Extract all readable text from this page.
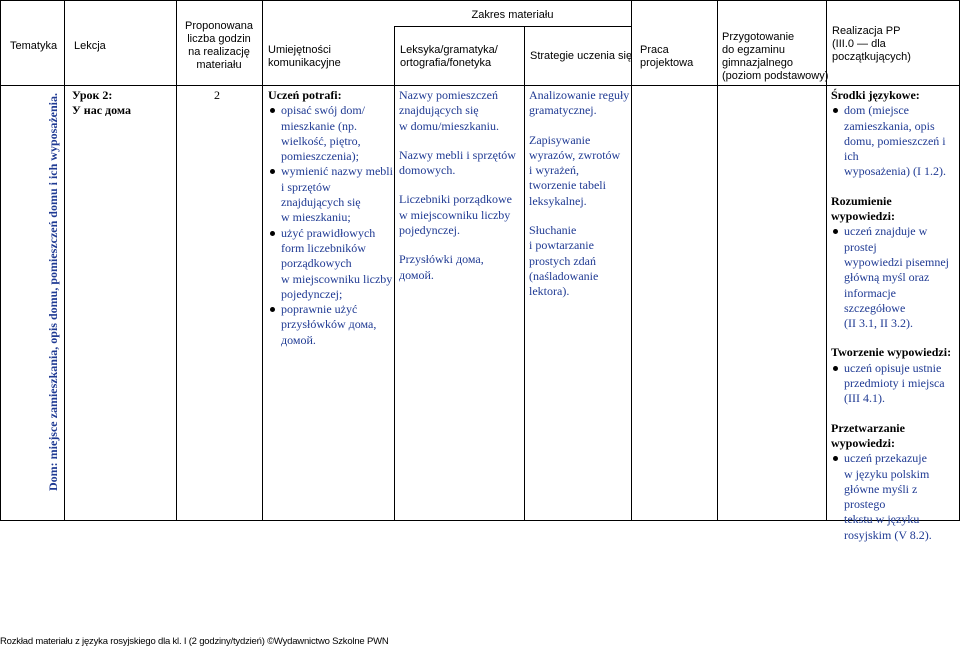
Tematyka Lekcja
Proponowana
liczba godzin
na realizację
materiału
Umiejętności
komunikacyjne
Zakres materiału
Leksyka/gramatyka/
ortografia/fonetyka
Strategie uczenia się Praca
projektowa
Przygotowanie
do egzaminu
gimnazjalnego
(poziom podstawowy)
Realizacja PP
(III.0 — dla
początkujących)
Dom: miejsce zamieszkania, opis domu, pomieszczeń domu i ich wyposażenia. Урок 2:
У нас дома
2	Uczeń potrafi:
opisać swój dom/
mieszkanie (np.
wielkość, piętro,
pomieszczenia);
wymienić nazwy mebli
i sprzętów
znajdujących się
w mieszkaniu;
użyć prawidłowych
form liczebników
porządkowych
w miejscowniku liczby
pojedynczej;
poprawnie użyć
przysłówków дома,
домой.
Nazwy pomieszczeń
znajdujących się
w domu/mieszkaniu.
Nazwy mebli i sprzętów
domowych.
Liczebniki porządkowe
w miejscowniku liczby
pojedynczej.
Przysłówki дома,
домой.
Analizowanie reguły
gramatycznej.
Zapisywanie
wyrazów, zwrotów
i wyrażeń,
tworzenie tabeli
leksykalnej.
Słuchanie
i powtarzanie
prostych zdań
(naśladowanie
lektora).
Środki językowe:
dom (miejsce
zamieszkania, opis
domu, pomieszczeń i ich
wyposażenia) (I 1.2).
Rozumienie
wypowiedzi:
uczeń znajduje w prostej
wypowiedzi pisemnej
główną myśl oraz
informacje szczegółowe
(II 3.1, II 3.2).
Tworzenie wypowiedzi:
uczeń opisuje ustnie
przedmioty i miejsca
(III 4.1).
Przetwarzanie
wypowiedzi:
uczeń przekazuje
w języku polskim
główne myśli z prostego
tekstu w języku
rosyjskim (V 8.2).
Rozkład materiału z języka rosyjskiego dla kl. I (2 godziny/tydzień) ©Wydawnictwo Szkolne PWN
